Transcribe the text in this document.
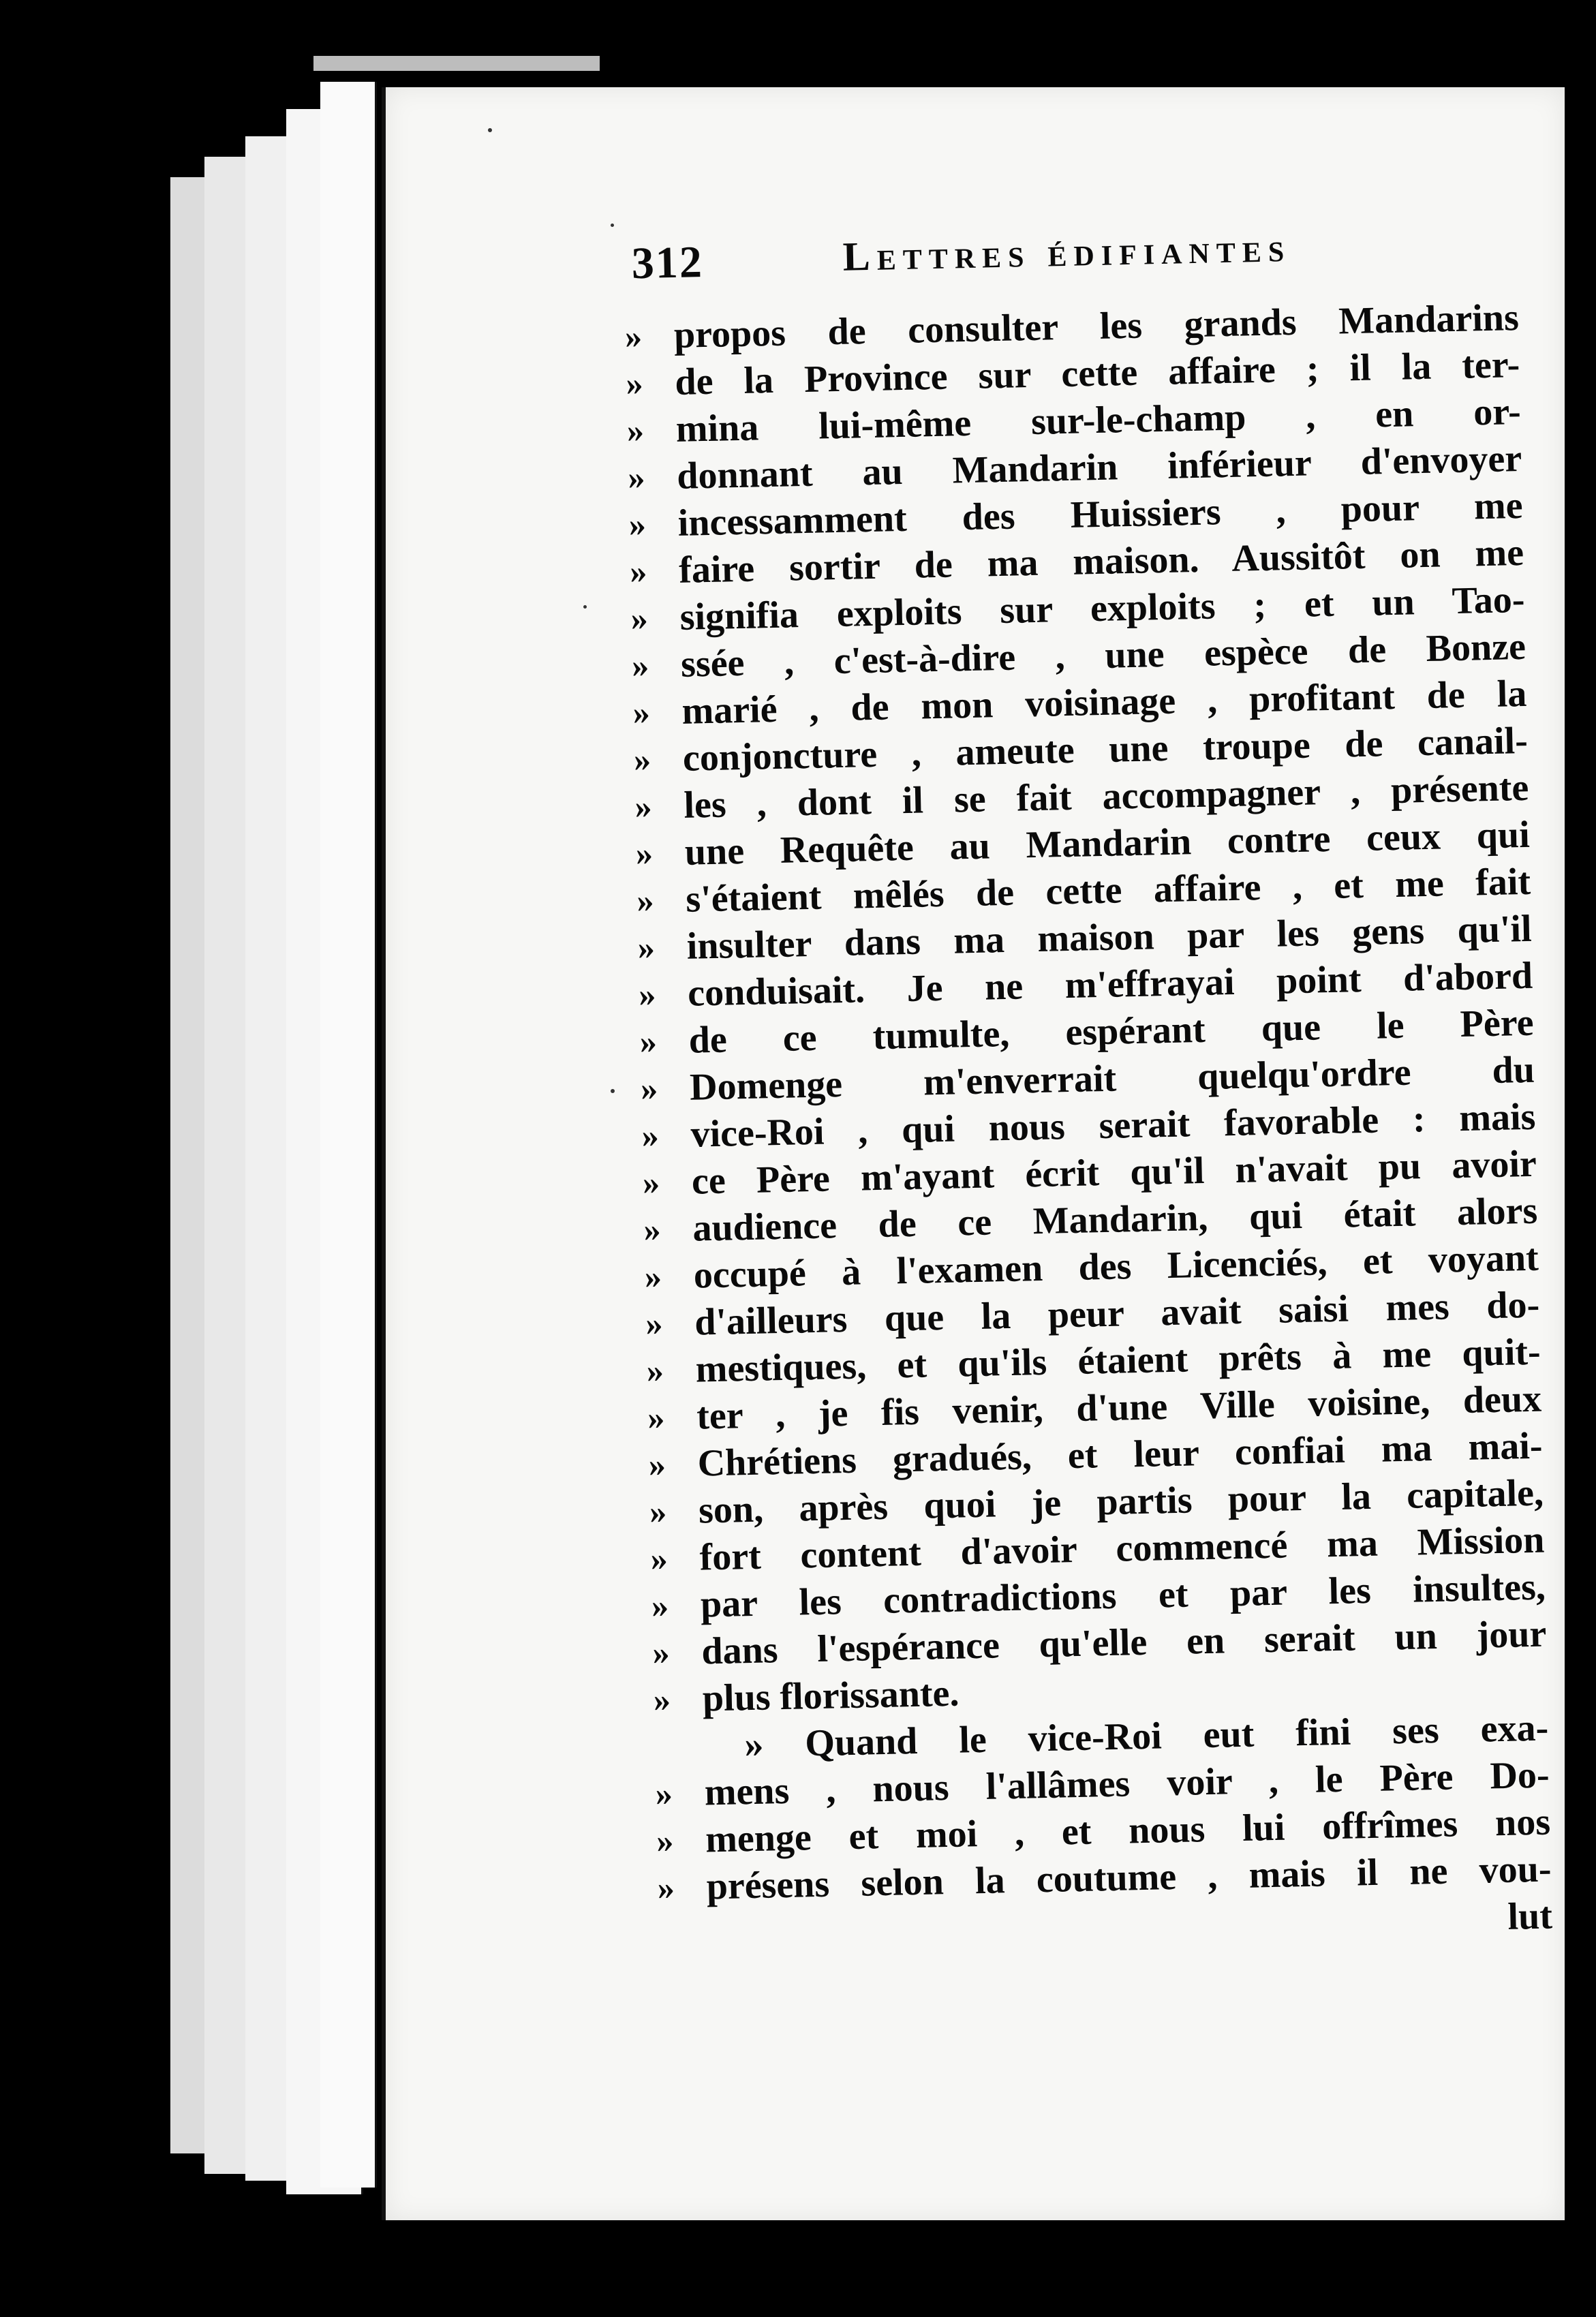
312	Lettres édifiantes
» propos de consulter les grands Mandarins
» de la Province sur cette affaire ; il la ter-
» mina lui-même sur-le-champ , en or-
» donnant au Mandarin inférieur d'envoyer
» incessamment des Huissiers , pour me
» faire sortir de ma maison. Aussitôt on me
» signifia exploits sur exploits ; et un Tao-
» ssée , c'est-à-dire , une espèce de Bonze
» marié , de mon voisinage , profitant de la
» conjoncture , ameute une troupe de canail-
» les , dont il se fait accompagner , présente
» une Requête au Mandarin contre ceux qui
» s'étaient mêlés de cette affaire , et me fait
» insulter dans ma maison par les gens qu'il
» conduisait. Je ne m'effrayai point d'abord
» de ce tumulte, espérant que le Père
» Domenge m'enverrait quelqu'ordre du
» vice-Roi , qui nous serait favorable : mais
» ce Père m'ayant écrit qu'il n'avait pu avoir
» audience de ce Mandarin, qui était alors
» occupé à l'examen des Licenciés, et voyant
» d'ailleurs que la peur avait saisi mes do-
» mestiques, et qu'ils étaient prêts à me quit-
» ter , je fis venir, d'une Ville voisine, deux
» Chrétiens gradués, et leur confiai ma mai-
» son, après quoi je partis pour la capitale,
» fort content d'avoir commencé ma Mission
» par les contradictions et par les insultes,
» dans l'espérance qu'elle en serait un jour
» plus florissante.
» Quand le vice-Roi eut fini ses exa-
» mens , nous l'allâmes voir , le Père Do-
» menge et moi , et nous lui offrîmes nos
» présens selon la coutume , mais il ne vou-
lut
